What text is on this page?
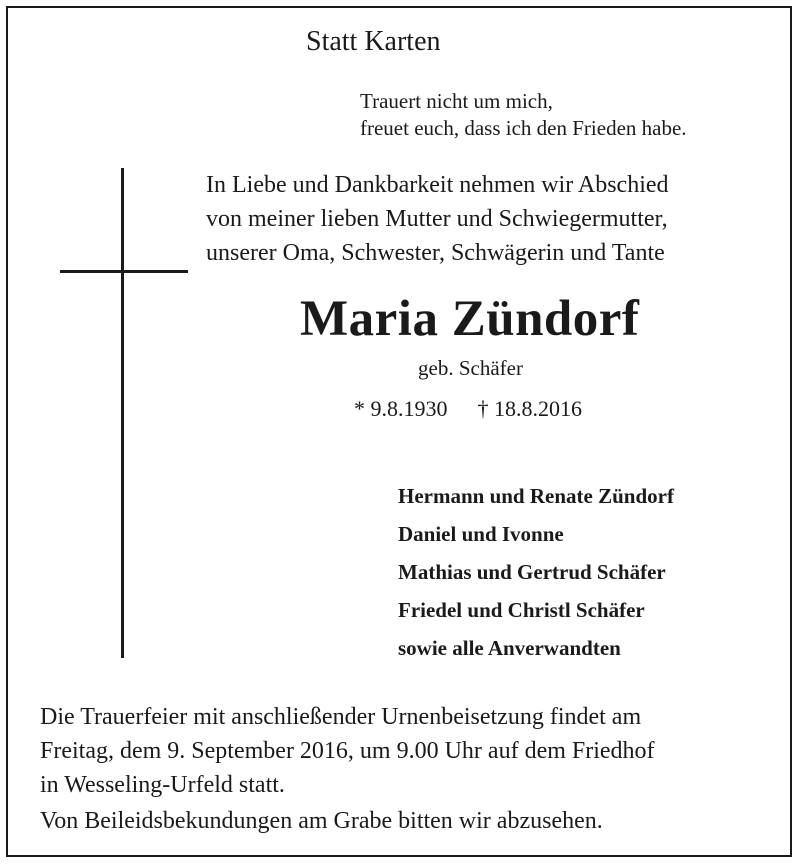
Statt Karten
Trauert nicht um mich,
freuet euch, dass ich den Frieden habe.
In Liebe und Dankbarkeit nehmen wir Abschied
von meiner lieben Mutter und Schwiegermutter,
unserer Oma, Schwester, Schwägerin und Tante
Maria Zündorf
geb. Schäfer
* 9.8.1930 † 18.8.2016
Hermann und Renate Zündorf
Daniel und Ivonne
Mathias und Gertrud Schäfer
Friedel und Christl Schäfer
sowie alle Anverwandten
Die Trauerfeier mit anschließender Urnenbeisetzung findet am
Freitag, dem 9. September 2016, um 9.00 Uhr auf dem Friedhof
in Wesseling-Urfeld statt.
Von Beileidsbekundungen am Grabe bitten wir abzusehen.
